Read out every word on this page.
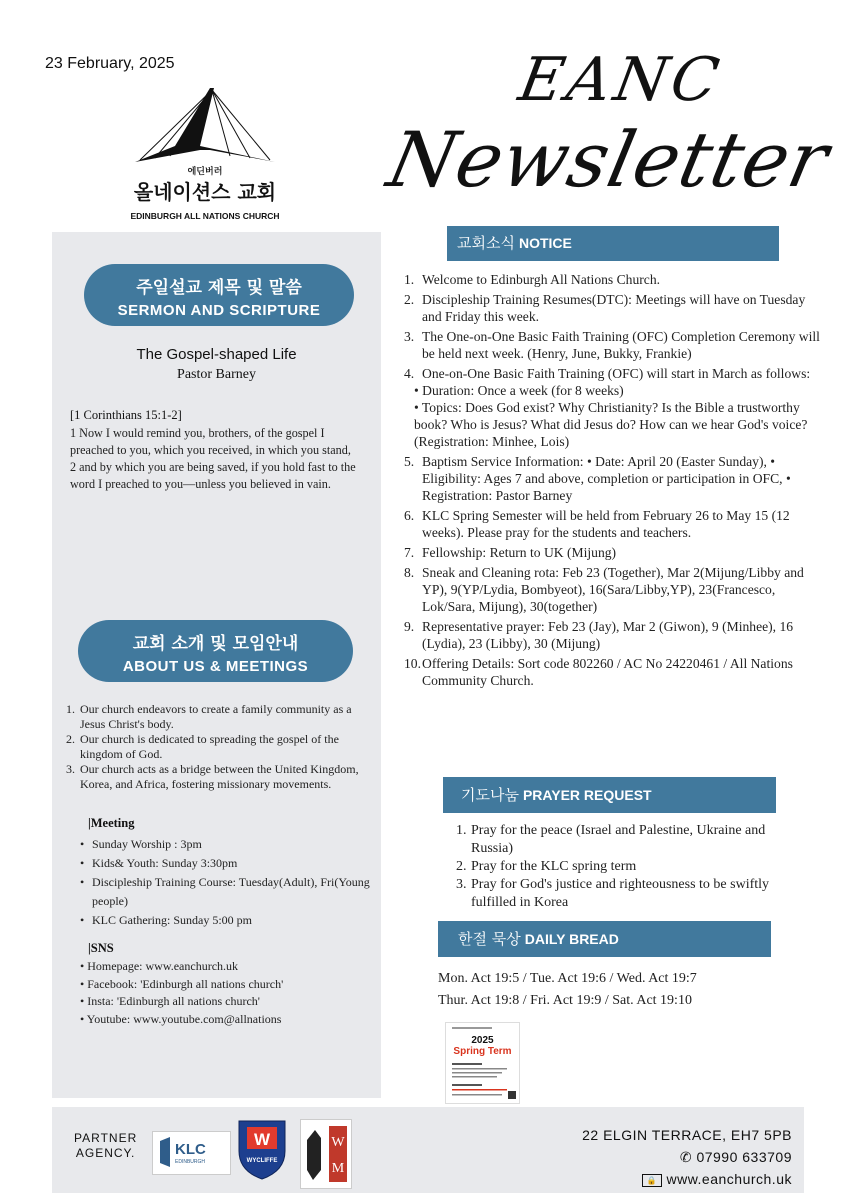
23 February, 2025
에딘버러
올네이션스 교회
EDINBURGH ALL NATIONS CHURCH
EANC
Newsletter
주일설교 제목 및 말씀
SERMON AND SCRIPTURE
교회 소개 및 모임안내
ABOUT US & MEETINGS
The Gospel-shaped Life
Pastor Barney
[1 Corinthians 15:1-2]
1 Now I would remind you, brothers, of the gospel I preached to you, which you received, in which you stand,
2 and by which you are being saved, if you hold fast to the word I preached to you—unless you believed in vain.
1. Our church endeavors to create a family community as a Jesus Christ's body.
2. Our church is dedicated to spreading the gospel of the kingdom of God.
3. Our church acts as a bridge between the United Kingdom, Korea, and Africa, fostering missionary movements.
|Meeting
• Sunday Worship : 3pm
• Kids& Youth: Sunday 3:30pm
• Discipleship Training Course: Tuesday(Adult), Fri(Young people)
• KLC Gathering: Sunday 5:00 pm
|SNS
• Homepage: www.eanchurch.uk
• Facebook: 'Edinburgh all nations church'
• Insta: 'Edinburgh all nations church'
• Youtube: www.youtube.com@allnations
교회소식 NOTICE
1. Welcome to Edinburgh All Nations Church.
2. Discipleship Training Resumes(DTC): Meetings will have on Tuesday and Friday this week.
3. The One-on-One Basic Faith Training (OFC) Completion Ceremony will be held next week. (Henry, June, Bukky, Frankie)
4. One-on-One Basic Faith Training (OFC) will start in March as follows:
• Duration: Once a week (for 8 weeks)
• Topics: Does God exist? Why Christianity? Is the Bible a trustworthy book? Who is Jesus? What did Jesus do? How can we hear God's voice? (Registration: Minhee, Lois)
5. Baptism Service Information: • Date: April 20 (Easter Sunday), • Eligibility: Ages 7 and above, completion or participation in OFC, • Registration: Pastor Barney
6. KLC Spring Semester will be held from February 26 to May 15 (12 weeks). Please pray for the students and teachers.
7. Fellowship: Return to UK (Mijung)
8. Sneak and Cleaning rota: Feb 23 (Together), Mar 2(Mijung/Libby and YP), 9(YP/Lydia, Bombyeot), 16(Sara/Libby,YP), 23(Francesco, Lok/Sara, Mijung), 30(together)
9. Representative prayer: Feb 23 (Jay), Mar 2 (Giwon), 9 (Minhee), 16 (Lydia), 23 (Libby), 30 (Mijung)
10. Offering Details: Sort code 802260 / AC No 24220461 / All Nations Community Church.
기도나눔 PRAYER REQUEST
1. Pray for the peace (Israel and Palestine, Ukraine and Russia)
2. Pray for the KLC spring term
3. Pray for God's justice and righteousness to be swiftly fulfilled in Korea
한절 묵상 DAILY BREAD
Mon. Act 19:5 / Tue. Act 19:6 / Wed. Act 19:7
Thur. Act 19:8 / Fri. Act 19:9 / Sat. Act 19:10
2025
Spring Term
PARTNER
AGENCY.	KLC
EDINBURGH
W
WYCLIFFE
W
M
22 ELGIN TERRACE, EH7 5PB
✆ 07990 633709
🔒 www.eanchurch.uk
